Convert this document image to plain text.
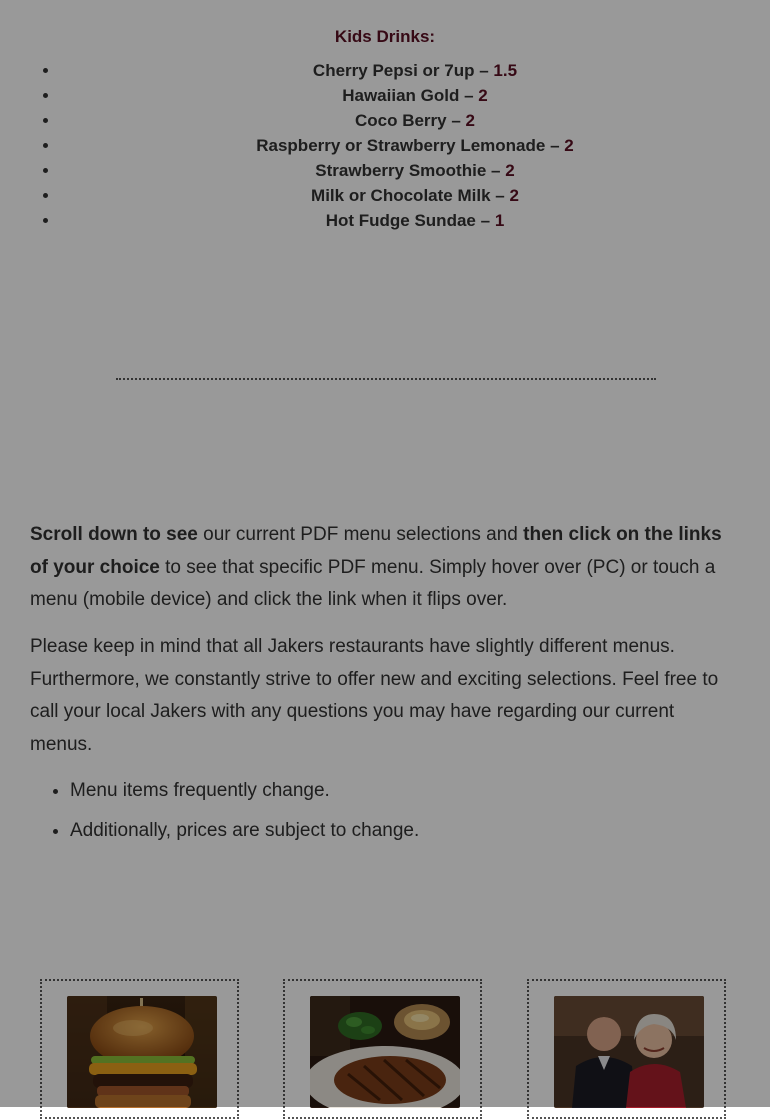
Kids Drinks:
• Cherry Pepsi or 7up – 1.5
• Hawaiian Gold – 2
• Coco Berry – 2
• Raspberry or Strawberry Lemonade – 2
• Strawberry Smoothie – 2
• Milk or Chocolate Milk – 2
• Hot Fudge Sundae – 1

Scroll down to see our current PDF menu selections and then click on the links of your choice to see that specific PDF menu. Simply hover over (PC) or touch a menu (mobile device) and click the link when it flips over.

Please keep in mind that all Jakers restaurants have slightly different menus. Furthermore, we constantly strive to offer new and exciting selections. Feel free to call your local Jakers with any questions you may have regarding our current menus.

• Menu items frequently change.
• Additionally, prices are subject to change.
